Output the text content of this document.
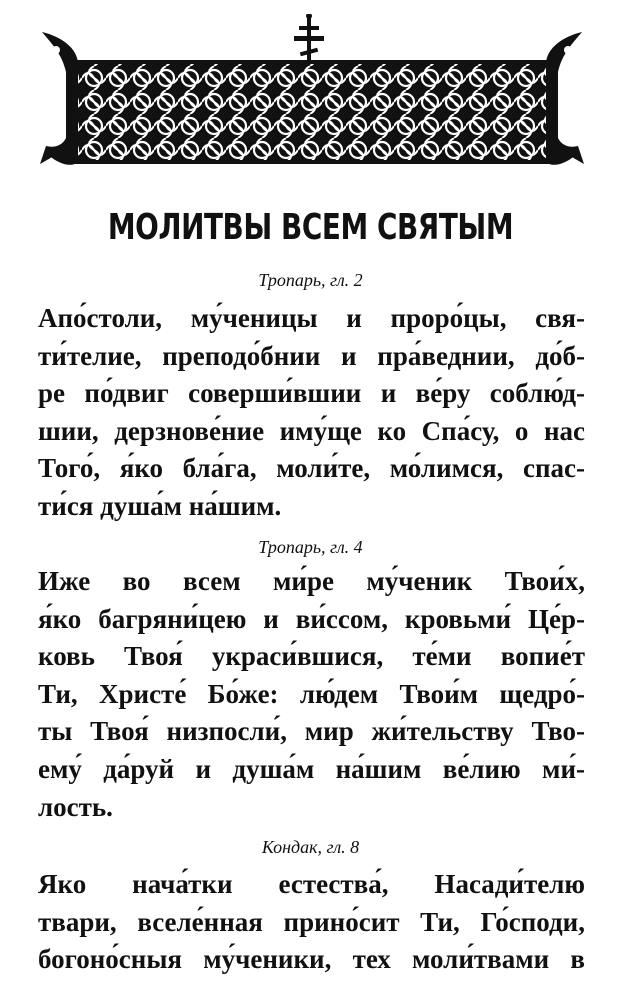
МОЛИТВЫ ВСЕМ СВЯТЫМ
Тропарь, гл. 2
Апо́столи, му́ченицы и проро́цы, свя-
ти́телие, преподо́бнии и пра́веднии, до́б-
ре по́двиг соверши́вшии и ве́ру соблю́д-
шии, дерзнове́ние иму́ще ко Спа́су, о нас
Того́, я́ко бла́га, моли́те, мо́лимся, спас-
ти́ся душа́м на́шим.
Тропарь, гл. 4
Иже во всем ми́ре му́ченик Твои́х,
я́ко багряни́цею и ви́ссом, кровьми́ Це́р-
ковь Твоя́ украси́вшися, те́ми вопие́т
Ти, Христе́ Бо́же: лю́дем Твои́м щедро́-
ты Твоя́ низпосли́, мир жи́тельству Тво-
ему́ да́руй и душа́м на́шим ве́лию ми́-
лость.
Кондак, гл. 8
Яко нача́тки естества́, Насади́телю
твари, вселе́нная прино́сит Ти, Го́споди,
богоно́сныя му́ченики, тех моли́твами в
